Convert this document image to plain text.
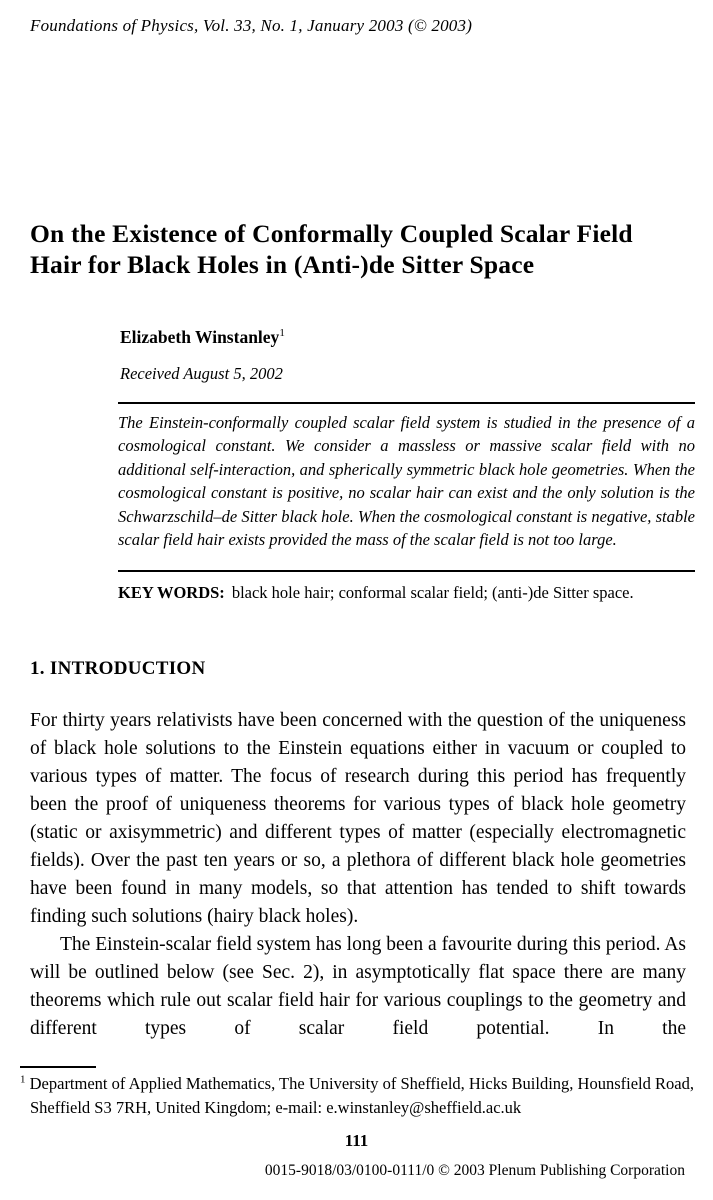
Foundations of Physics, Vol. 33, No. 1, January 2003 (© 2003)
On the Existence of Conformally Coupled Scalar Field
Hair for Black Holes in (Anti-)de Sitter Space
Elizabeth Winstanley$^1$
Received August 5, 2002
The Einstein-conformally coupled scalar field system is studied in the presence of a cosmological constant. We consider a massless or massive scalar field with no additional self-interaction, and spherically symmetric black hole geometries. When the cosmological constant is positive, no scalar hair can exist and the only solution is the Schwarzschild–de Sitter black hole. When the cosmological constant is negative, stable scalar field hair exists provided the mass of the scalar field is not too large.
KEY WORDS: black hole hair; conformal scalar field; (anti-)de Sitter space.
1. INTRODUCTION

For thirty years relativists have been concerned with the question of the uniqueness of black hole solutions to the Einstein equations either in vacuum or coupled to various types of matter. The focus of research during this period has frequently been the proof of uniqueness theorems for various types of black hole geometry (static or axisymmetric) and different types of matter (especially electromagnetic fields). Over the past ten years or so, a plethora of different black hole geometries have been found in many models, so that attention has tended to shift towards finding such solutions (hairy black holes).

The Einstein-scalar field system has long been a favourite during this period. As will be outlined below (see Sec. 2), in asymptotically flat space there are many theorems which rule out scalar field hair for various couplings to the geometry and different types of scalar field potential. In the

$^1$ Department of Applied Mathematics, The University of Sheffield, Hicks Building, Hounsfield Road, Sheffield S3 7RH, United Kingdom; e-mail: e.winstanley@sheffield.ac.uk
111
0015-9018/03/0100-0111/0 © 2003 Plenum Publishing Corporation
